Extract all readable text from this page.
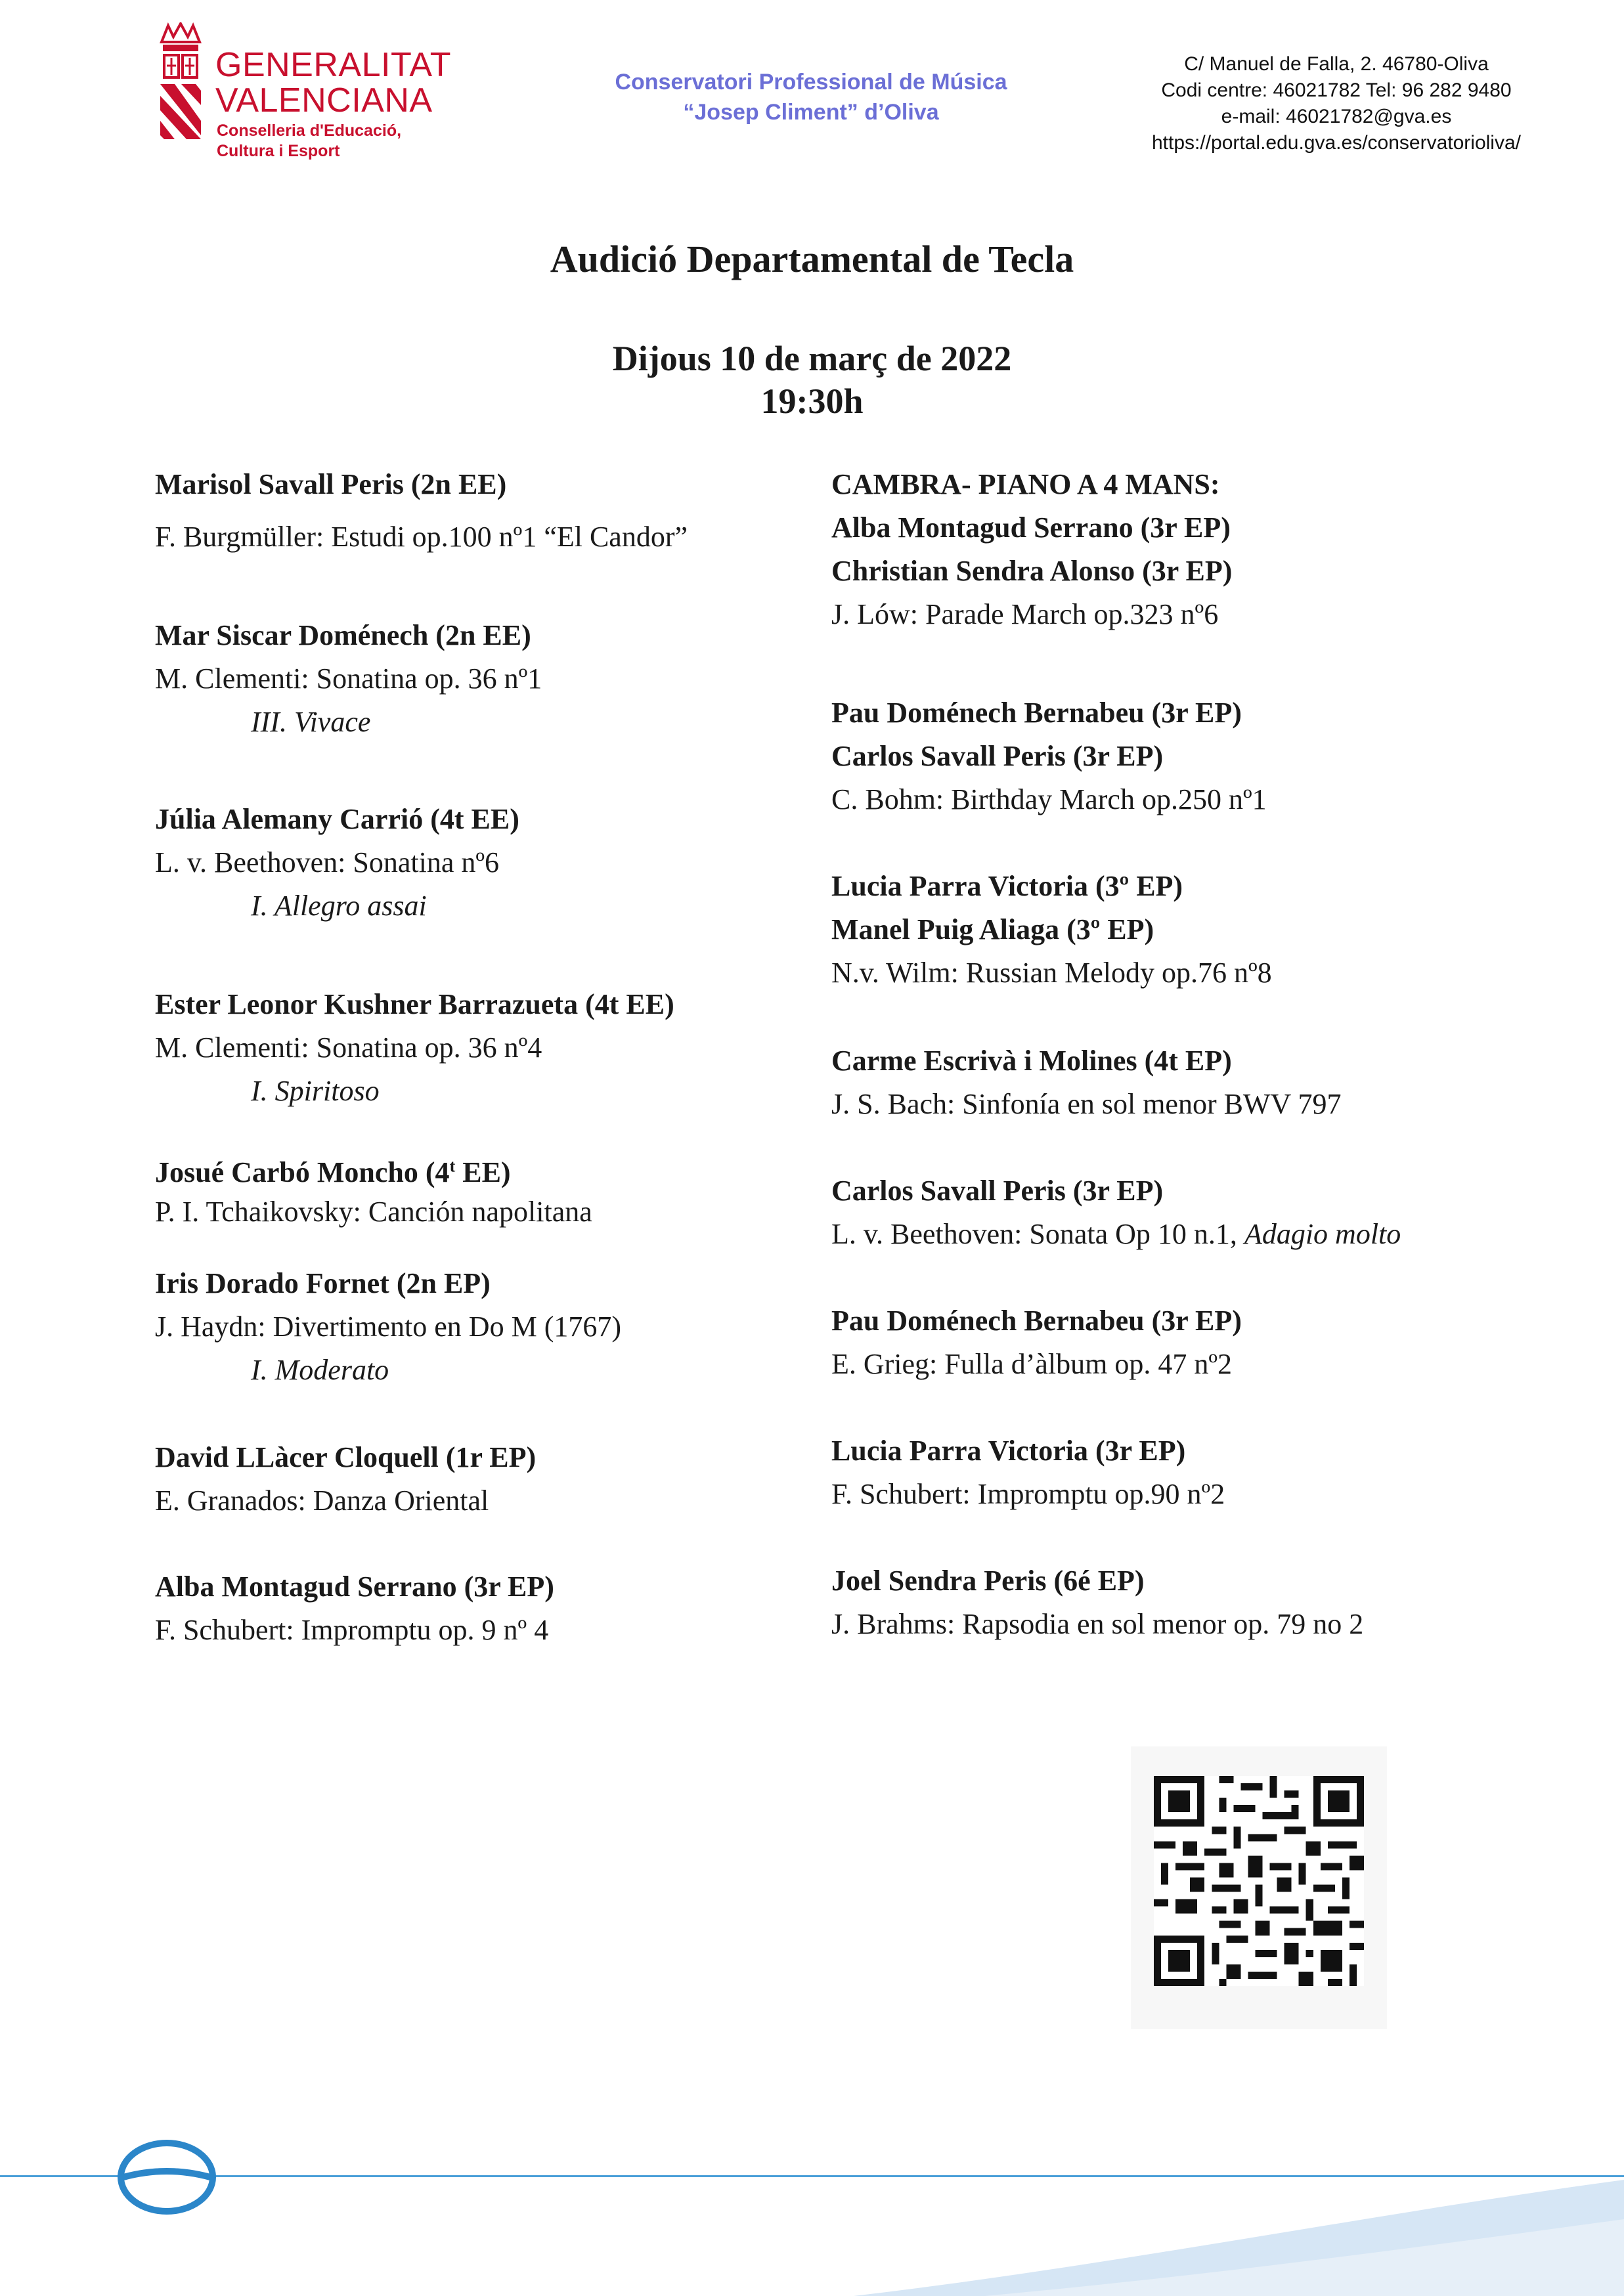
GENERALITAT
VALENCIANA

Conselleria d'Educació,
Cultura i Esport

Conservatori Professional de Música
“Josep Climent” d’Oliva
C/ Manuel de Falla, 2. 46780-Oliva
Codi centre: 46021782 Tel: 96 282 9480
e-mail: 46021782@gva.es
https://portal.edu.gva.es/conservatorioliva/
Audició Departamental de Tecla
Dijous 10 de març de 2022
19:30h
Marisol Savall Peris (2n EE)
F. Burgmüller: Estudi op.100 nº1 “El Candor”
Mar Siscar Doménech (2n EE)
M. Clementi: Sonatina op. 36 nº1
III. Vivace
Júlia Alemany Carrió (4t EE)
L. v. Beethoven: Sonatina nº6
I. Allegro assai
Ester Leonor Kushner Barrazueta (4t EE)
M. Clementi: Sonatina op. 36 nº4
I. Spiritoso
Josué Carbó Moncho (4$^t$ EE)
P. I. Tchaikovsky: Canción napolitana
Iris Dorado Fornet (2n EP)
J. Haydn: Divertimento en Do M (1767)
I. Moderato
David LLàcer Cloquell (1r EP)
E. Granados: Danza Oriental
Alba Montagud Serrano (3r EP)
F. Schubert: Impromptu op. 9 nº 4
CAMBRA- PIANO A 4 MANS:
Alba Montagud Serrano (3r EP)
Christian Sendra Alonso (3r EP)
J. Lów: Parade March op.323 nº6
Pau Doménech Bernabeu (3r EP)
Carlos Savall Peris (3r EP)
C. Bohm: Birthday March op.250 nº1
Lucia Parra Victoria (3º EP)
Manel Puig Aliaga (3º EP)
N.v. Wilm: Russian Melody op.76 nº8
Carme Escrivà i Molines (4t EP)
J. S. Bach: Sinfonía en sol menor BWV 797
Carlos Savall Peris (3r EP)
L. v. Beethoven: Sonata Op 10 n.1, Adagio molto
Pau Doménech Bernabeu (3r EP)
E. Grieg: Fulla d’àlbum op. 47 nº2
Lucia Parra Victoria (3r EP)
F. Schubert: Impromptu op.90 nº2
Joel Sendra Peris (6é EP)
J. Brahms: Rapsodia en sol menor op. 79 no 2
